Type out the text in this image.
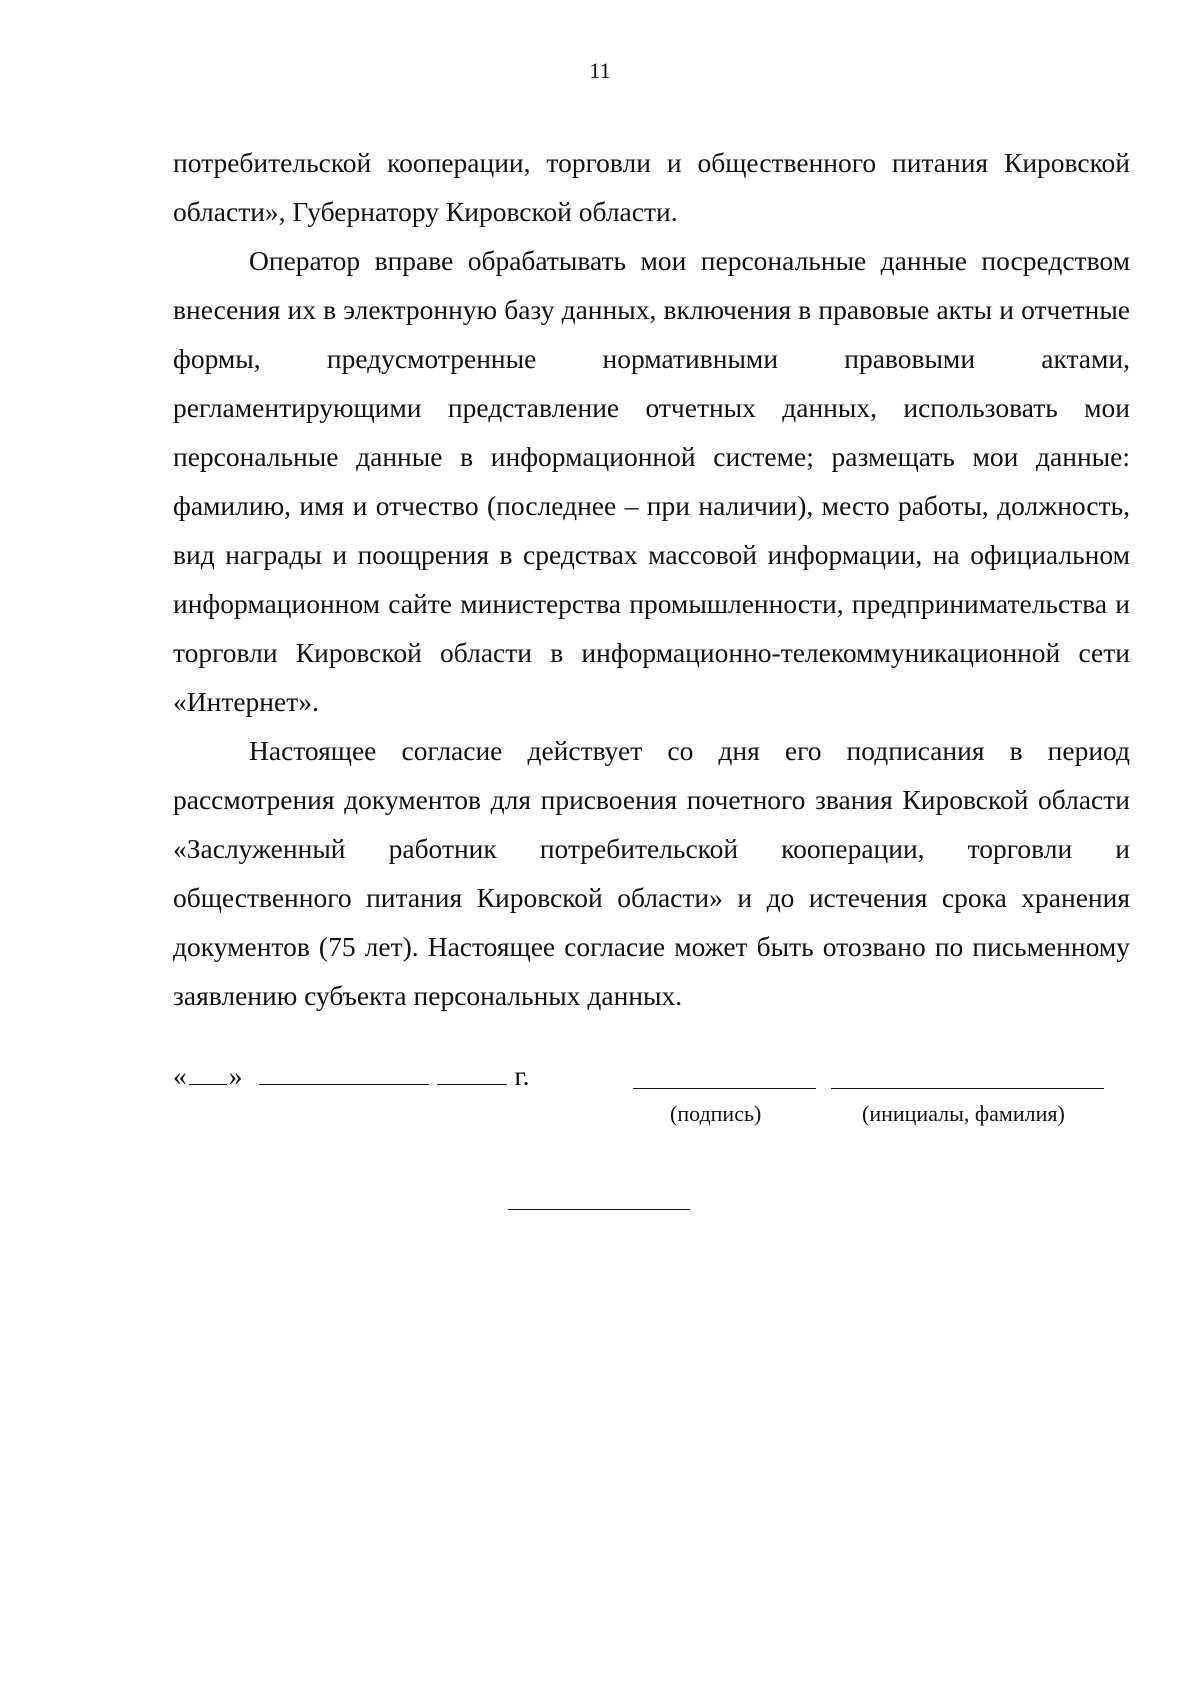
11

потребительской кооперации, торговли и общественного питания Кировской области», Губернатору Кировской области.

Оператор вправе обрабатывать мои персональные данные посредством внесения их в электронную базу данных, включения в правовые акты и отчетные формы, предусмотренные нормативными правовыми актами, регламентирующими представление отчетных данных, использовать мои персональные данные в информационной системе; размещать мои данные: фамилию, имя и отчество (последнее – при наличии), место работы, должность, вид награды и поощрения в средствах массовой информации, на официальном информационном сайте министерства промышленности, предпринимательства и торговли Кировской области в информационно-телекоммуникационной сети «Интернет».

Настоящее согласие действует со дня его подписания в период рассмотрения документов для присвоения почетного звания Кировской области «Заслуженный работник потребительской кооперации, торговли и общественного питания Кировской области» и до истечения срока хранения документов (75 лет). Настоящее согласие может быть отозвано по письменному заявлению субъекта персональных данных.

« »	г.
(подпись)	(инициалы, фамилия)
